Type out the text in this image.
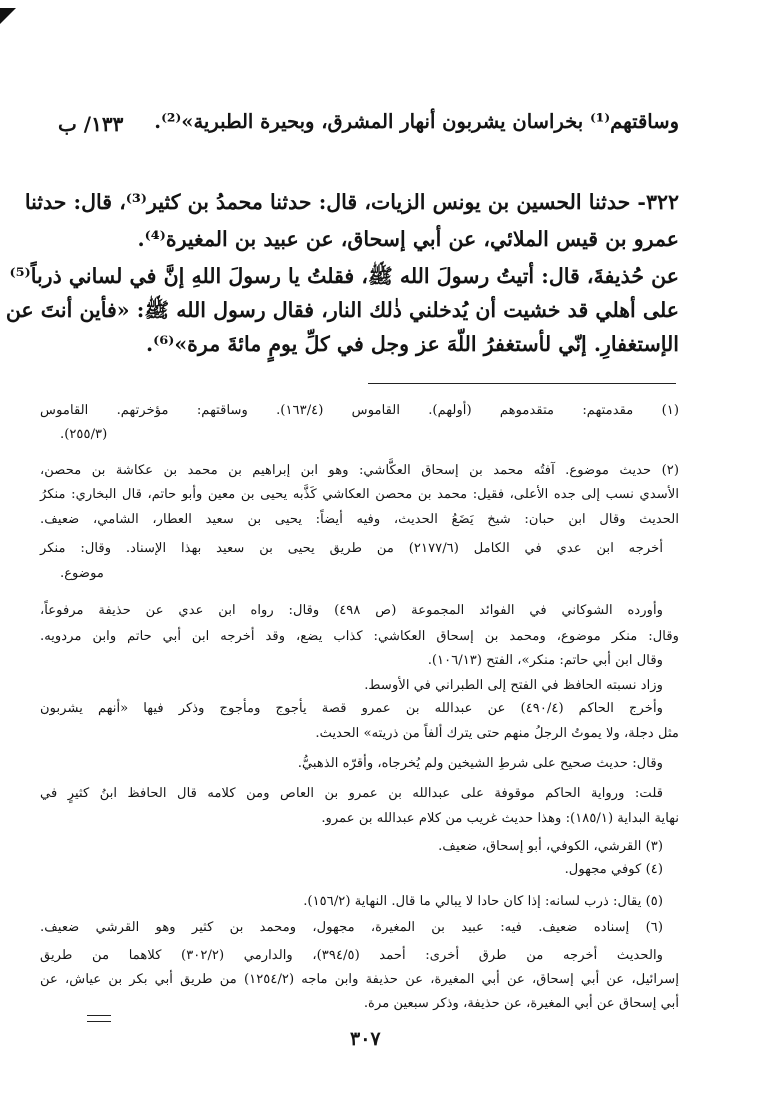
وساقتهم⁽¹⁾ بخراسان يشربون أنهار المشرق، وبحيرة الطبرية»⁽²⁾.
١٣٣/ ب
٣٢٢- حدثنا الحسين بن يونس الزيات، قال: حدثنا محمدُ بن كثير⁽³⁾، قال: حدثنا
عمرو بن قيس الملائي، عن أبي إسحاق، عن عبيد بن المغيرة⁽⁴⁾.
عن حُذيفةَ، قال: أتيتُ رسولَ الله ﷺ، فقلتُ يا رسولَ اللهِ إنَّ في لساني ذرباً⁽⁵⁾
على أهلي قد خشيت أن يُدخلني ذٰلك النار، فقال رسول الله ﷺ: «فأين أنتَ عن
الإستغفارِ. إنّي لأستغفرُ اللّهَ عز وجل في كلِّ يومٍ مائةَ مرة»⁽⁶⁾.
(١) مقدمتهم: متقدموهم (أولهم). القاموس (١٦٣/٤). وساقتهم: مؤخرتهم. القاموس
(٢٥٥/٣).
(٢) حديث موضوع. آفتُه محمد بن إسحاق العكَّاشي: وهو ابن إبراهيم بن محمد بن عكاشة بن محصن،
الأسدي نسب إلى جده الأعلى، فقيل: محمد بن محصن العكاشي كَذَّبه يحيى بن معين وأبو حاتم، قال البخاري: منكرُ
الحديث وقال ابن حبان: شيخ يَضَعُ الحديث، وفيه أيضاً: يحيى بن سعيد العطار، الشامي، ضعيف.
أخرجه ابن عدي في الكامل (٢١٧٧/٦) من طريق يحيى بن سعيد بهذا الإسناد. وقال: منكر
موضوع.
وأورده الشوكاني في الفوائد المجموعة (ص ٤٩٨) وقال: رواه ابن عدي عن حذيفة مرفوعاً،
وقال: منكر موضوع، ومحمد بن إسحاق العكاشي: كذاب يضع، وقد أخرجه ابن أبي حاتم وابن مردويه.
وقال ابن أبي حاتم: منكر»، الفتح (١٠٦/١٣).
وزاد نسبته الحافظ في الفتح إلى الطبراني في الأوسط.
وأخرج الحاكم (٤٩٠/٤) عن عبدالله بن عمرو قصة يأجوج ومأجوج وذكر فيها «أنهم يشربون
مثل دجلة، ولا يموتُ الرجلُ منهم حتى يترك ألفاً من ذريته» الحديث.
وقال: حديث صحيح على شرطِ الشيخين ولم يُخرجاه، وأقرّه الذهبيُّ.
قلت: ورواية الحاكم موقوفة على عبدالله بن عمرو بن العاص ومن كلامه قال الحافظ ابنُ كثيرٍ في
نهاية البداية (١٨٥/١): وهذا حديث غريب من كلام عبدالله بن عمرو.
(٣) القرشي، الكوفي، أبو إسحاق، ضعيف.
(٤) كوفي مجهول.
(٥) يقال: ذرب لسانه: إذا كان حادا لا يبالي ما قال. النهاية (١٥٦/٢).
(٦) إسناده ضعيف. فيه: عبيد بن المغيرة، مجهول، ومحمد بن كثير وهو القرشي ضعيف.
والحديث أخرجه من طرق أخرى: أحمد (٣٩٤/٥)، والدارمي (٣٠٢/٢) كلاهما من طريق
إسرائيل، عن أبي إسحاق، عن أبي المغيرة، عن حذيفة وابن ماجه (١٢٥٤/٢) من طريق أبي بكر بن عياش، عن
أبي إسحاق عن أبي المغيرة، عن حذيفة، وذكر سبعين مرة.
٣٠٧
